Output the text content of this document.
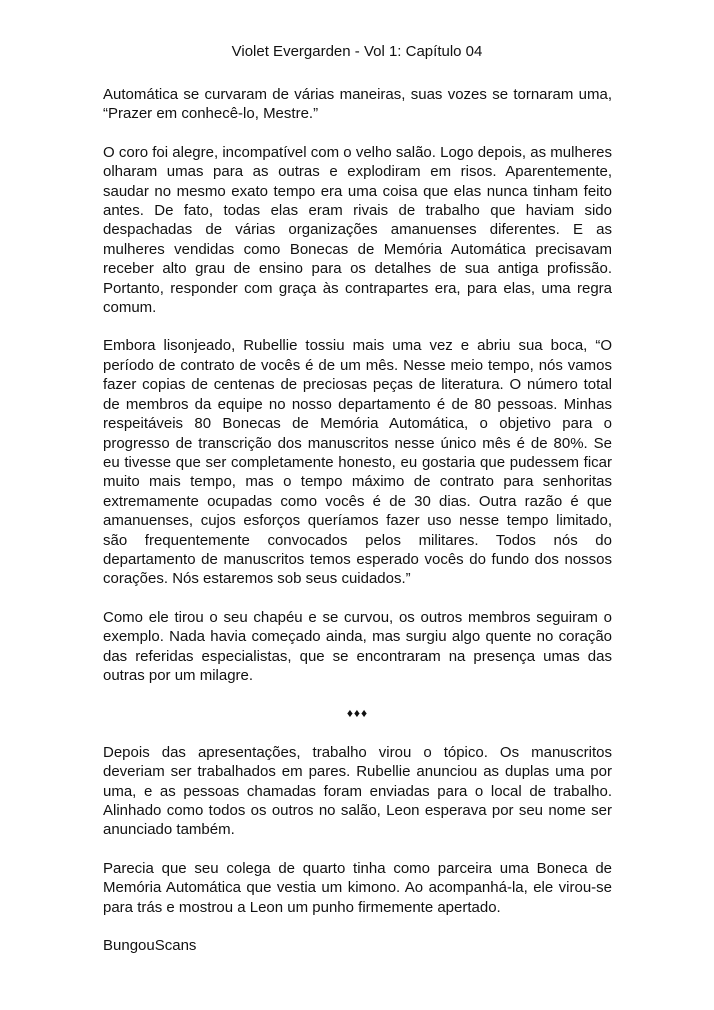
Violet Evergarden - Vol 1: Capítulo 04

Automática se curvaram de várias maneiras, suas vozes se tornaram uma, “Prazer em conhecê-lo, Mestre.”

O coro foi alegre, incompatível com o velho salão. Logo depois, as mulheres olharam umas para as outras e explodiram em risos. Aparentemente, saudar no mesmo exato tempo era uma coisa que elas nunca tinham feito antes. De fato, todas elas eram rivais de trabalho que haviam sido despachadas de várias organizações amanuenses diferentes. E as mulheres vendidas como Bonecas de Memória Automática precisavam receber alto grau de ensino para os detalhes de sua antiga profissão. Portanto, responder com graça às contrapartes era, para elas, uma regra comum.

Embora lisonjeado, Rubellie tossiu mais uma vez e abriu sua boca, “O período de contrato de vocês é de um mês. Nesse meio tempo, nós vamos fazer copias de centenas de preciosas peças de literatura. O número total de membros da equipe no nosso departamento é de 80 pessoas. Minhas respeitáveis 80 Bonecas de Memória Automática, o objetivo para o progresso de transcrição dos manuscritos nesse único mês é de 80%. Se eu tivesse que ser completamente honesto, eu gostaria que pudessem ficar muito mais tempo, mas o tempo máximo de contrato para senhoritas extremamente ocupadas como vocês é de 30 dias. Outra razão é que amanuenses, cujos esforços queríamos fazer uso nesse tempo limitado, são frequentemente convocados pelos militares. Todos nós do departamento de manuscritos temos esperado vocês do fundo dos nossos corações. Nós estaremos sob seus cuidados.”

Como ele tirou o seu chapéu e se curvou, os outros membros seguiram o exemplo. Nada havia começado ainda, mas surgiu algo quente no coração das referidas especialistas, que se encontraram na presença umas das outras por um milagre.

♦♦♦

Depois das apresentações, trabalho virou o tópico. Os manuscritos deveriam ser trabalhados em pares. Rubellie anunciou as duplas uma por uma, e as pessoas chamadas foram enviadas para o local de trabalho. Alinhado como todos os outros no salão, Leon esperava por seu nome ser anunciado também.

Parecia que seu colega de quarto tinha como parceira uma Boneca de Memória Automática que vestia um kimono. Ao acompanhá-la, ele virou-se para trás e mostrou a Leon um punho firmemente apertado.

BungouScans
